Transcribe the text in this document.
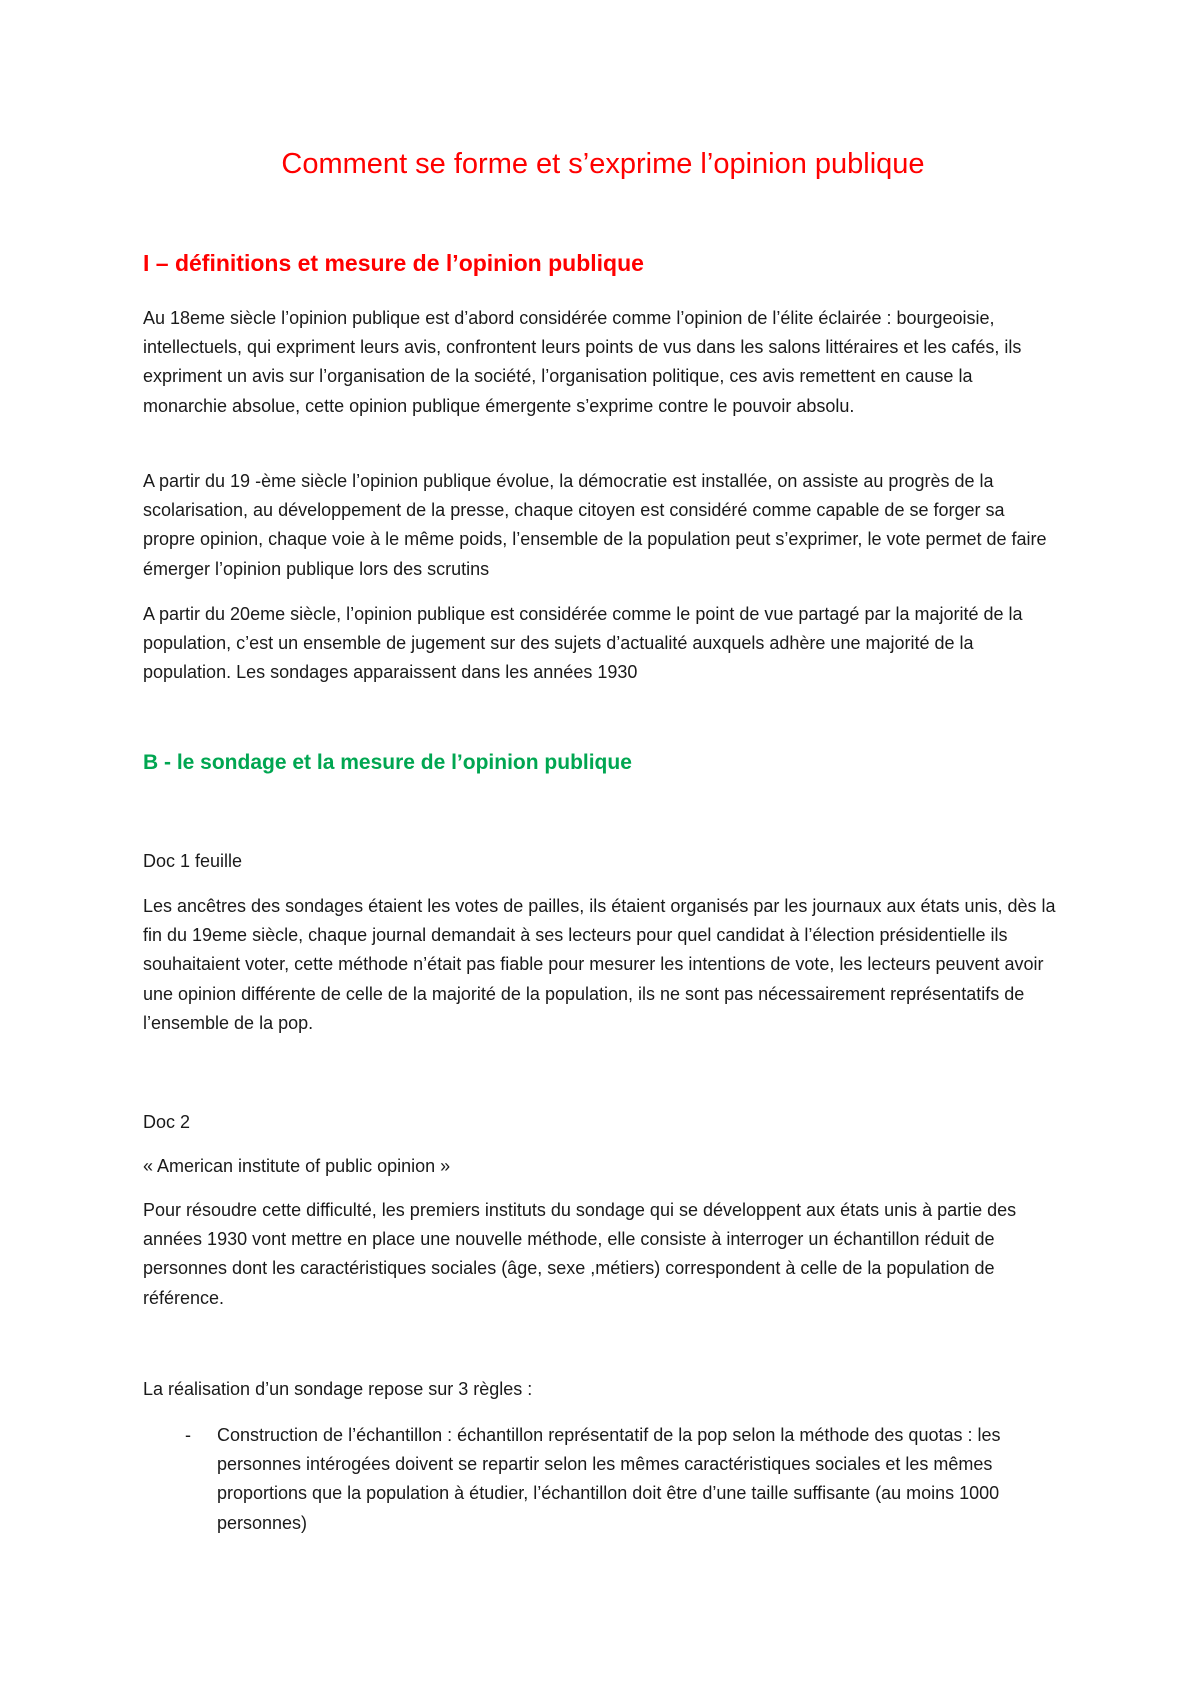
Comment se forme et s’exprime l’opinion publique
I – définitions et mesure de l’opinion publique

Au 18eme siècle l’opinion publique est d’abord considérée comme l’opinion de l’élite éclairée : bourgeoisie, intellectuels, qui expriment leurs avis, confrontent leurs points de vus dans les salons littéraires et les cafés, ils expriment un avis sur l’organisation de la société, l’organisation politique, ces avis remettent en cause la monarchie absolue, cette opinion publique émergente s’exprime contre le pouvoir absolu.

A partir du 19 -ème siècle l’opinion publique évolue, la démocratie est installée, on assiste au progrès de la scolarisation, au développement de la presse, chaque citoyen est considéré comme capable de se forger sa propre opinion, chaque voie à le même poids, l’ensemble de la population peut s’exprimer, le vote permet de faire émerger l’opinion publique lors des scrutins

A partir du 20eme siècle, l’opinion publique est considérée comme le point de vue partagé par la majorité de la population, c’est un ensemble de jugement sur des sujets d’actualité auxquels adhère une majorité de la population. Les sondages apparaissent dans les années 1930

B - le sondage et la mesure de l’opinion publique

Doc 1 feuille

Les ancêtres des sondages étaient les votes de pailles, ils étaient organisés par les journaux aux états unis, dès la fin du 19eme siècle, chaque journal demandait à ses lecteurs pour quel candidat à l’élection présidentielle ils souhaitaient voter, cette méthode n’était pas fiable pour mesurer les intentions de vote, les lecteurs peuvent avoir une opinion différente de celle de la majorité de la population, ils ne sont pas nécessairement représentatifs de l’ensemble de la pop.

Doc 2

« American institute of public opinion »

Pour résoudre cette difficulté, les premiers instituts du sondage qui se développent aux états unis à partie des années 1930 vont mettre en place une nouvelle méthode, elle consiste à interroger un échantillon réduit de personnes dont les caractéristiques sociales (âge, sexe ,métiers) correspondent à celle de la population de référence.

La réalisation d’un sondage repose sur 3 règles :

- Construction de l’échantillon : échantillon représentatif de la pop selon la méthode des quotas : les personnes intérogées doivent se repartir selon les mêmes caractéristiques sociales et les mêmes proportions que la population à étudier, l’échantillon doit être d’une taille suffisante (au moins 1000 personnes)
